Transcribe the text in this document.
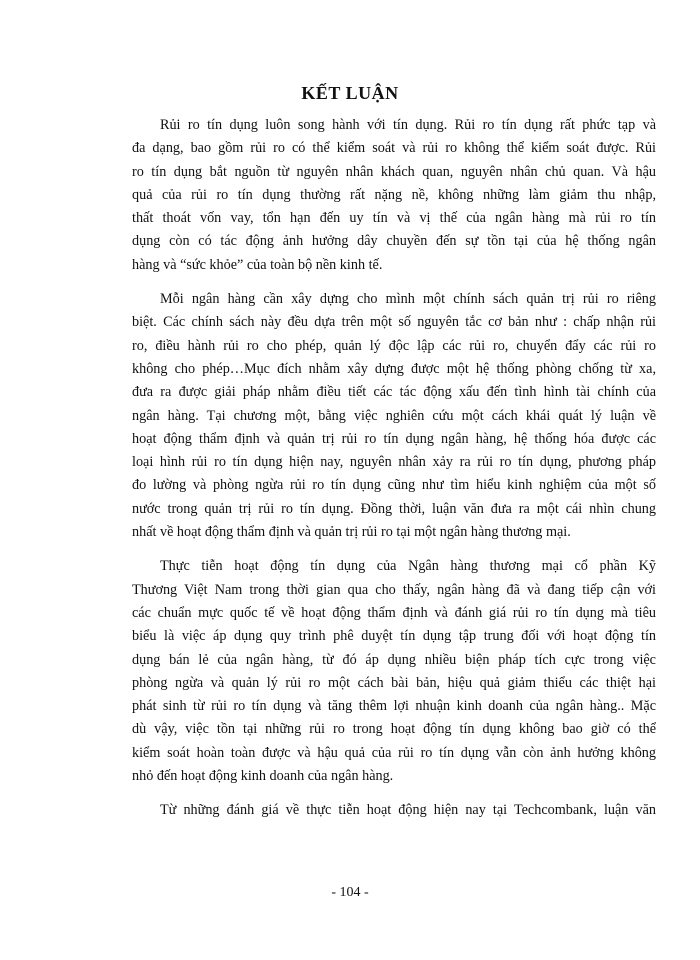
KẾT LUẬN
Rủi ro tín dụng luôn song hành với tín dụng. Rủi ro tín dụng rất phức tạp và
đa dạng, bao gồm rủi ro có thể kiểm soát và rủi ro không thể kiểm soát được. Rủi
ro tín dụng bắt nguồn từ nguyên nhân khách quan, nguyên nhân chủ quan. Và hậu
quả của rủi ro tín dụng thường rất nặng nề, không những làm giảm thu nhập,
thất thoát vốn vay, tổn hạn đến uy tín và vị thế của ngân hàng mà rủi ro tín
dụng còn có tác động ảnh hưởng dây chuyền đến sự tồn tại của hệ thống ngân
hàng và “sức khỏe” của toàn bộ nền kinh tế.
Mỗi ngân hàng cần xây dựng cho mình một chính sách quản trị rủi ro riêng
biệt. Các chính sách này đều dựa trên một số nguyên tắc cơ bản như : chấp nhận rủi
ro, điều hành rủi ro cho phép, quản lý độc lập các rủi ro, chuyển đẩy các rủi ro
không cho phép…Mục đích nhằm xây dựng được một hệ thống phòng chống từ xa,
đưa ra được giải pháp nhằm điều tiết các tác động xấu đến tình hình tài chính của
ngân hàng. Tại chương một, bằng việc nghiên cứu một cách khái quát lý luận về
hoạt động thẩm định và quản trị rủi ro tín dụng ngân hàng, hệ thống hóa được các
loại hình rủi ro tín dụng hiện nay, nguyên nhân xảy ra rủi ro tín dụng, phương pháp
đo lường và phòng ngừa rủi ro tín dụng cũng như tìm hiểu kinh nghiệm của một số
nước trong quản trị rủi ro tín dụng. Đồng thời, luận văn đưa ra một cái nhìn chung
nhất về hoạt động thẩm định và quản trị rủi ro tại một ngân hàng thương mại.
Thực tiễn hoạt động tín dụng của Ngân hàng thương mại cổ phần Kỹ
Thương Việt Nam trong thời gian qua cho thấy, ngân hàng đã và đang tiếp cận với
các chuẩn mực quốc tế về hoạt động thẩm định và đánh giá rủi ro tín dụng mà tiêu
biểu là việc áp dụng quy trình phê duyệt tín dụng tập trung đối với hoạt động tín
dụng bán lẻ của ngân hàng, từ đó áp dụng nhiều biện pháp tích cực trong việc
phòng ngừa và quản lý rủi ro một cách bài bản, hiệu quả giảm thiểu các thiệt hại
phát sinh từ rủi ro tín dụng và tăng thêm lợi nhuận kinh doanh của ngân hàng.. Mặc
dù vậy, việc tồn tại những rủi ro trong hoạt động tín dụng không bao giờ có thể
kiểm soát hoàn toàn được và hậu quả của rủi ro tín dụng vẫn còn ảnh hưởng không
nhỏ đến hoạt động kinh doanh của ngân hàng.
Từ những đánh giá về thực tiễn hoạt động hiện nay tại Techcombank, luận văn
- 104 -
